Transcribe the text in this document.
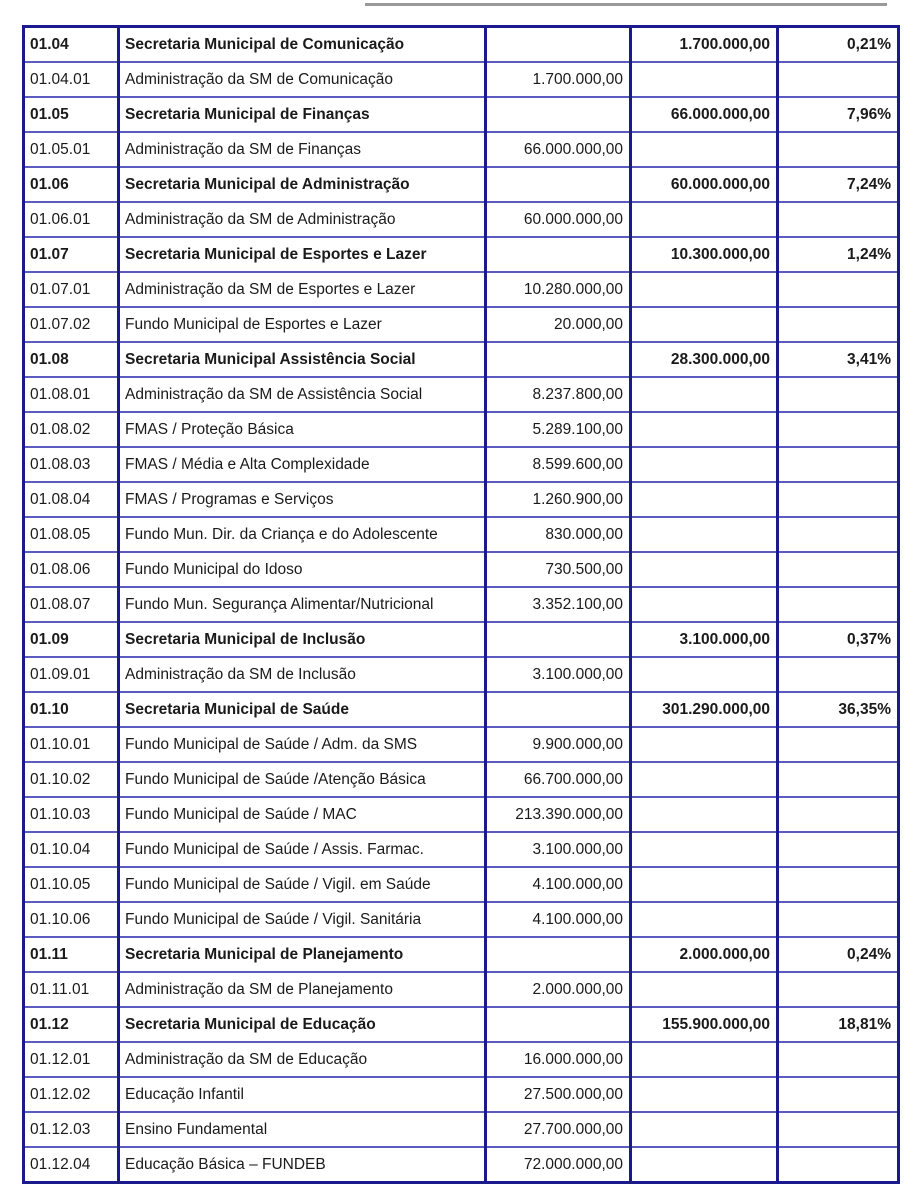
01.04	Secretaria Municipal de Comunicação		1.700.000,00	0,21%
01.04.01	Administração da SM de Comunicação	1.700.000,00		
01.05	Secretaria Municipal de Finanças		66.000.000,00	7,96%
01.05.01	Administração da SM de Finanças	66.000.000,00		
01.06	Secretaria Municipal de Administração		60.000.000,00	7,24%
01.06.01	Administração da SM de Administração	60.000.000,00		
01.07	Secretaria Municipal de Esportes e Lazer		10.300.000,00	1,24%
01.07.01	Administração da SM de Esportes e Lazer	10.280.000,00		
01.07.02	Fundo Municipal de Esportes e Lazer	20.000,00		
01.08	Secretaria Municipal Assistência Social		28.300.000,00	3,41%
01.08.01	Administração da SM de Assistência Social	8.237.800,00		
01.08.02	FMAS / Proteção Básica	5.289.100,00		
01.08.03	FMAS / Média e Alta Complexidade	8.599.600,00		
01.08.04	FMAS / Programas e Serviços	1.260.900,00		
01.08.05	Fundo Mun. Dir. da Criança e do Adolescente	830.000,00		
01.08.06	Fundo Municipal do Idoso	730.500,00		
01.08.07	Fundo Mun. Segurança Alimentar/Nutricional	3.352.100,00		
01.09	Secretaria Municipal de Inclusão		3.100.000,00	0,37%
01.09.01	Administração da SM de Inclusão	3.100.000,00		
01.10	Secretaria Municipal de Saúde		301.290.000,00	36,35%
01.10.01	Fundo Municipal de Saúde / Adm. da SMS	9.900.000,00		
01.10.02	Fundo Municipal de Saúde /Atenção Básica	66.700.000,00		
01.10.03	Fundo Municipal de Saúde / MAC	213.390.000,00		
01.10.04	Fundo Municipal de Saúde / Assis. Farmac.	3.100.000,00		
01.10.05	Fundo Municipal de Saúde / Vigil. em Saúde	4.100.000,00		
01.10.06	Fundo Municipal de Saúde / Vigil. Sanitária	4.100.000,00		
01.11	Secretaria Municipal de Planejamento		2.000.000,00	0,24%
01.11.01	Administração da SM de Planejamento	2.000.000,00		
01.12	Secretaria Municipal de Educação		155.900.000,00	18,81%
01.12.01	Administração da SM de Educação	16.000.000,00		
01.12.02	Educação Infantil	27.500.000,00		
01.12.03	Ensino Fundamental	27.700.000,00		
01.12.04	Educação Básica – FUNDEB	72.000.000,00		
